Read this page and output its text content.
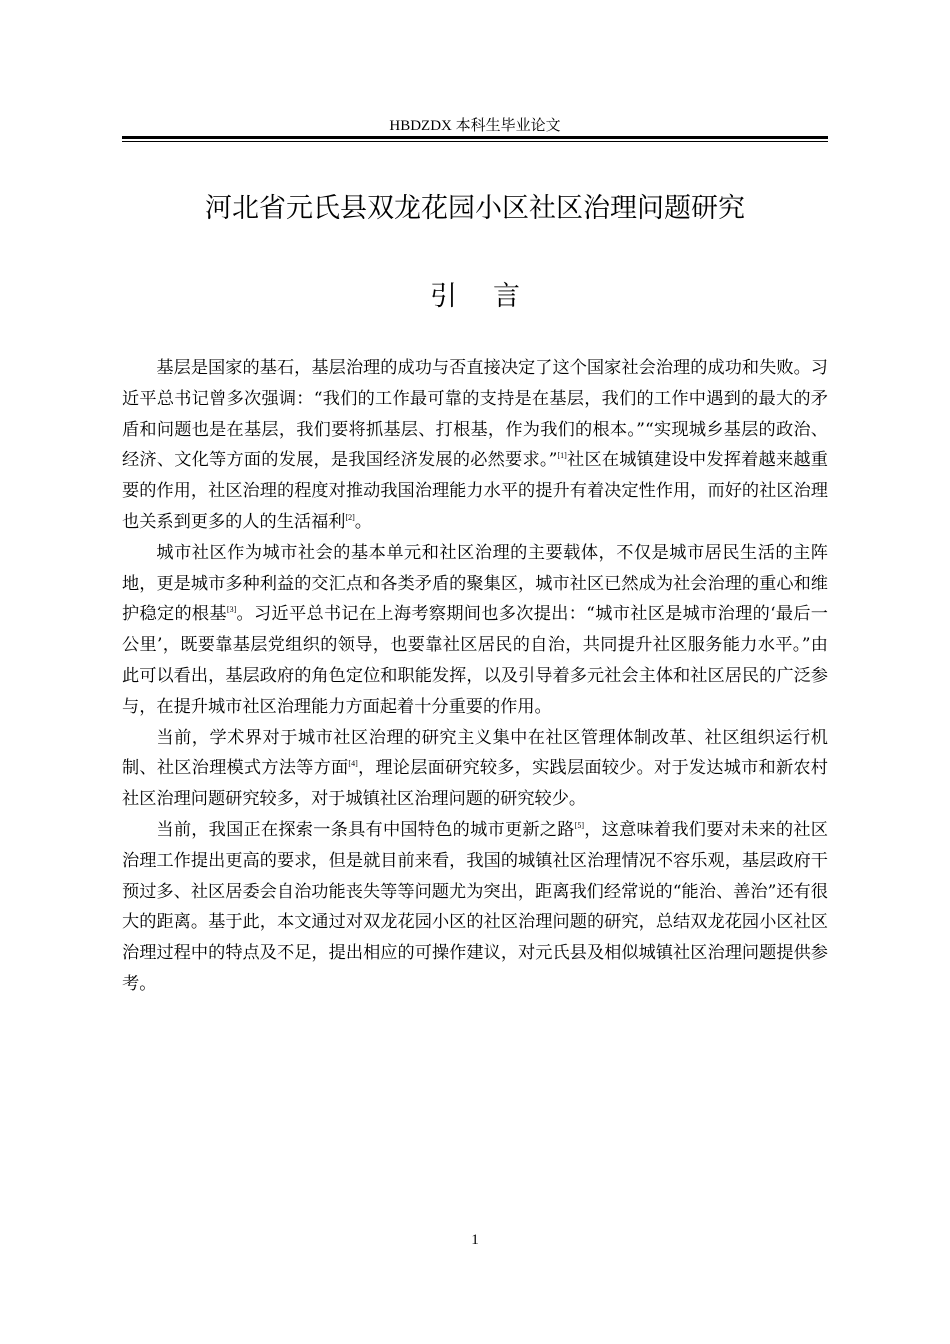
HBDZDX 本科生毕业论文
河北省元氏县双龙花园小区社区治理问题研究
引言

基层是国家的基石，基层治理的成功与否直接决定了这个国家社会治理的成功和失败。习近平总书记曾多次强调：“我们的工作最可靠的支持是在基层，我们的工作中遇到的最大的矛盾和问题也是在基层，我们要将抓基层、打根基，作为我们的根本。”“实现城乡基层的政治、经济、文化等方面的发展，是我国经济发展的必然要求。”[1]社区在城镇建设中发挥着越来越重要的作用，社区治理的程度对推动我国治理能力水平的提升有着决定性作用，而好的社区治理也关系到更多的人的生活福利[2]。

城市社区作为城市社会的基本单元和社区治理的主要载体，不仅是城市居民生活的主阵地，更是城市多种利益的交汇点和各类矛盾的聚集区，城市社区已然成为社会治理的重心和维护稳定的根基[3]。习近平总书记在上海考察期间也多次提出：“城市社区是城市治理的‘最后一公里’，既要靠基层党组织的领导，也要靠社区居民的自治，共同提升社区服务能力水平。”由此可以看出，基层政府的角色定位和职能发挥，以及引导着多元社会主体和社区居民的广泛参与，在提升城市社区治理能力方面起着十分重要的作用。

当前，学术界对于城市社区治理的研究主义集中在社区管理体制改革、社区组织运行机制、社区治理模式方法等方面[4]，理论层面研究较多，实践层面较少。对于发达城市和新农村社区治理问题研究较多，对于城镇社区治理问题的研究较少。

当前，我国正在探索一条具有中国特色的城市更新之路[5]，这意味着我们要对未来的社区治理工作提出更高的要求，但是就目前来看，我国的城镇社区治理情况不容乐观，基层政府干预过多、社区居委会自治功能丧失等等问题尤为突出，距离我们经常说的“能治、善治”还有很大的距离。基于此，本文通过对双龙花园小区的社区治理问题的研究，总结双龙花园小区社区治理过程中的特点及不足，提出相应的可操作建议，对元氏县及相似城镇社区治理问题提供参考。

1
